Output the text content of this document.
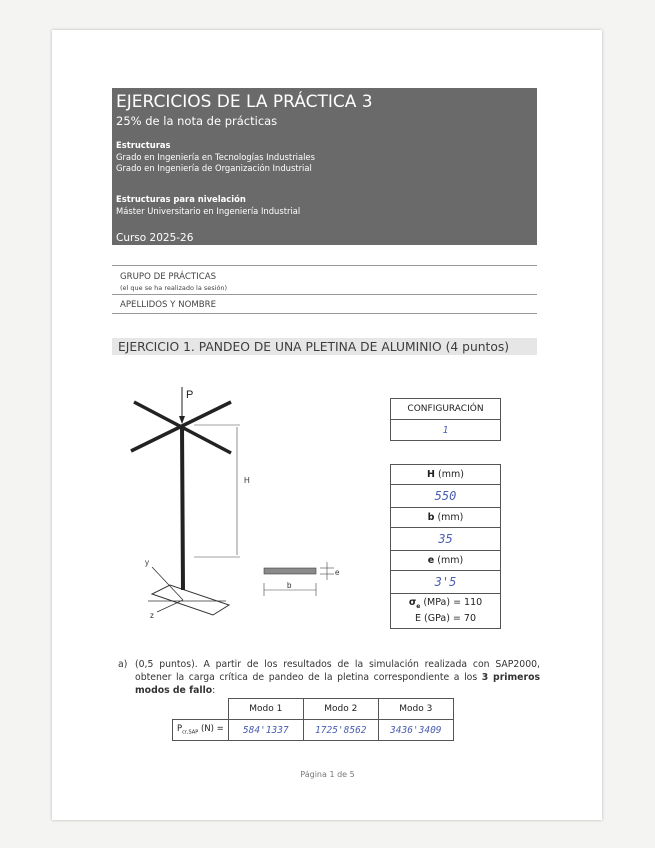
EJERCICIOS DE LA PRÁCTICA 3
25% de la nota de prácticas
Estructuras
Grado en Ingeniería en Tecnologías Industriales
Grado en Ingeniería de Organización Industrial
Estructuras para nivelación
Máster Universitario en Ingeniería Industrial
Curso 2025-26
GRUPO DE PRÁCTICAS
(el que se ha realizado la sesión)
APELLIDOS Y NOMBRE
EJERCICIO 1. PANDEO DE UNA PLETINA DE ALUMINIO (4 puntos)
P
H
y
z
b
e
CONFIGURACIÓN
1
H (mm)
550
b (mm)
35
e (mm)
3'5
$\sigma_e$ (MPa) = 110
E (GPa) = 70
a) (0,5 puntos). A partir de los resultados de la simulación realizada con SAP2000, obtener la carga crítica de pandeo de la pletina correspondiente a los 3 primeros modos de fallo:
	Modo 1	Modo 2	Modo 3
$P_{cr,SAP}$ (N) =	584'1337	1725'8562	3436'3409
Página 1 de 5
